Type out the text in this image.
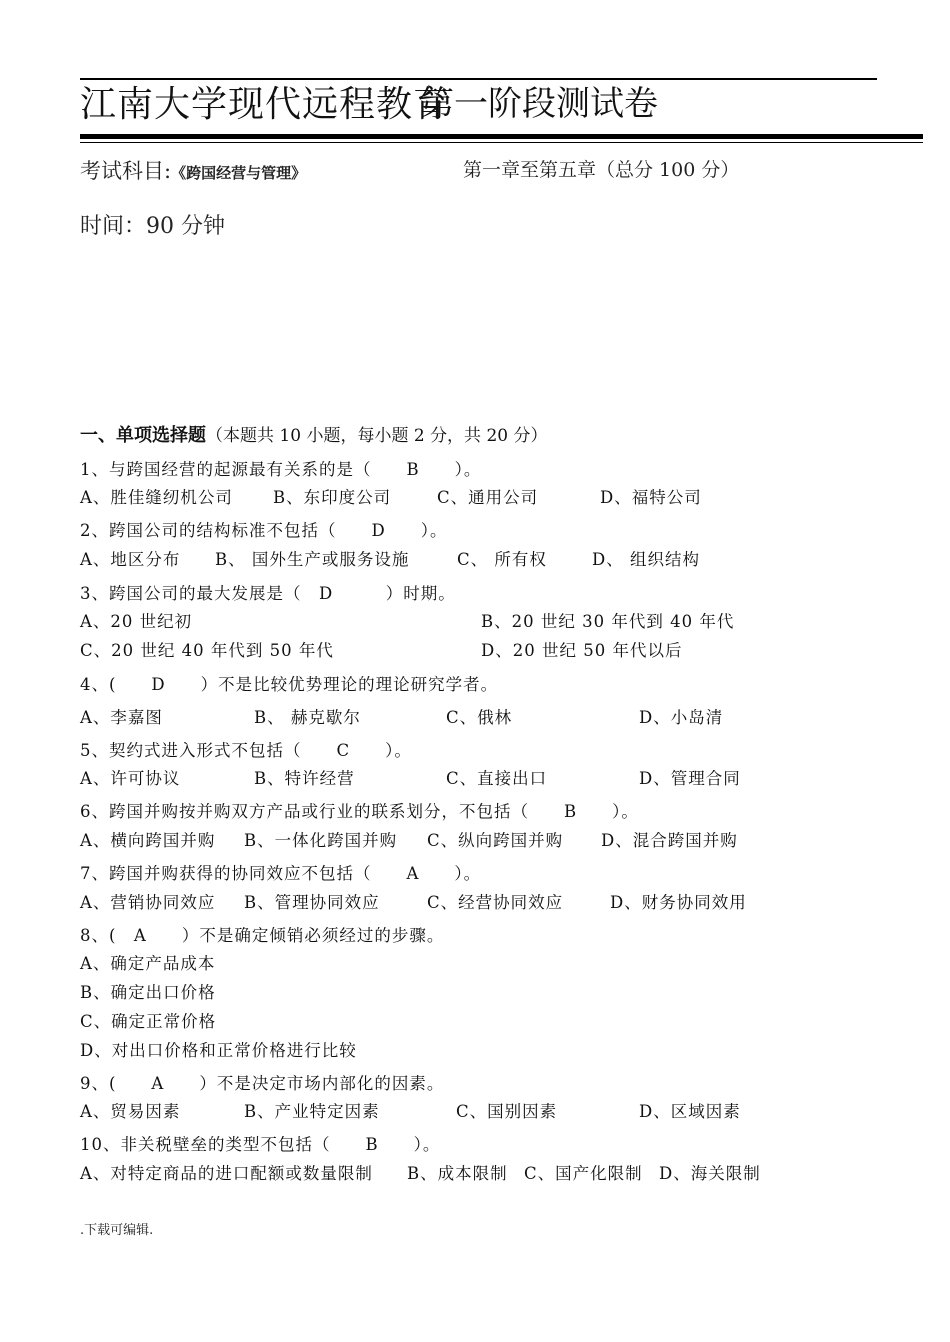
江南大学现代远程教育
第一阶段测试卷
考试科目:《跨国经营与管理》	第一章至第五章（总分 100 分）
时间：90 分钟
一、单项选择题（本题共 10 小题，每小题 2 分，共 20 分）
1、与跨国经营的起源最有关系的是（　　B　　）。
A、胜佳缝纫机公司 B、东印度公司	C、通用公司	D、福特公司
2、跨国公司的结构标准不包括（　　D　　）。
A、地区分布 B、 国外生产或服务设施	C、 所有权	D、 组织结构
3、跨国公司的最大发展是（　D　　　）时期。
A、20 世纪初	B、20 世纪 30 年代到 40 年代
C、20 世纪 40 年代到 50 年代	D、20 世纪 50 年代以后
4、(　　D　　）不是比较优势理论的理论研究学者。
A、李嘉图	B、 赫克歇尔	C、俄林	D、小岛清
5、契约式进入形式不包括（　　C　　）。
A、许可协议	B、特许经营	C、直接出口	D、管理合同
6、跨国并购按并购双方产品或行业的联系划分，不包括（　　B　　）。
A、横向跨国并购 B、一体化跨国并购 C、纵向跨国并购 D、混合跨国并购
7、跨国并购获得的协同效应不包括（　　A　　）。
A、营销协同效应 B、管理协同效应	C、经营协同效应	D、财务协同效用
8、(　A　　）不是确定倾销必须经过的步骤。
A、确定产品成本
B、确定出口价格
C、确定正常价格
D、对出口价格和正常价格进行比较
9、(　　A　　）不是决定市场内部化的因素。
A、贸易因素	B、产业特定因素	C、国别因素	D、区域因素
10、非关税壁垒的类型不包括（　　B　　）。
A、对特定商品的进口配额或数量限制 B、成本限制 C、国产化限制 D、海关限制
.下载可编辑.
